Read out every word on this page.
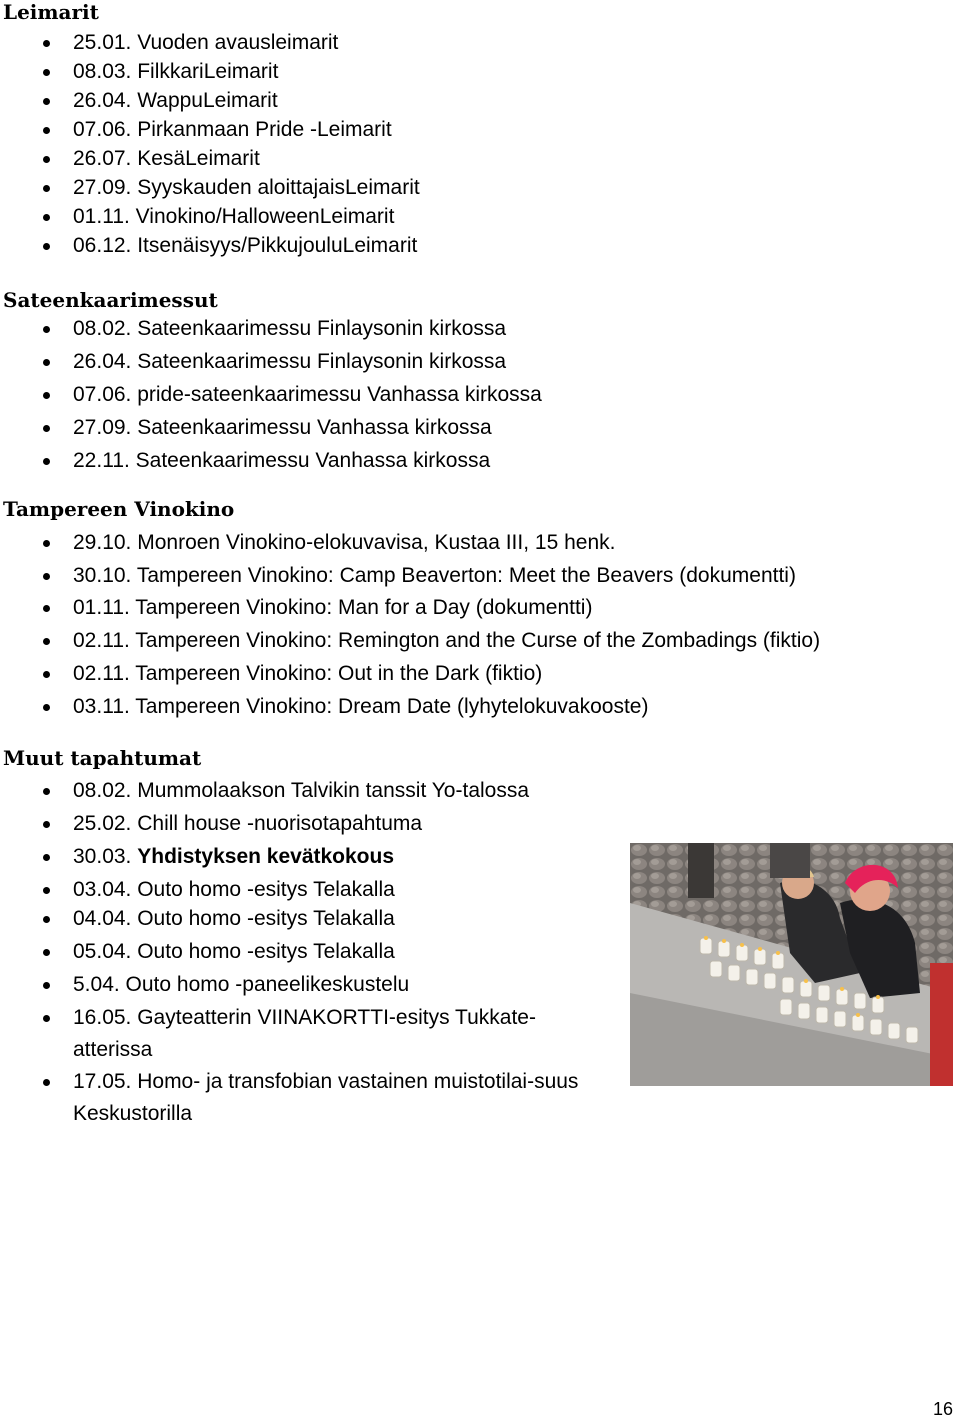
Leimarit
25.01. Vuoden avausleimarit
08.03. FilkkariLeimarit
26.04. WappuLeimarit
07.06. Pirkanmaan Pride -Leimarit
26.07. KesäLeimarit
27.09. Syyskauden aloittajaisLeimarit
01.11. Vinokino/HalloweenLeimarit
06.12. Itsenäisyys/PikkujouluLeimarit
Sateenkaarimessut
08.02. Sateenkaarimessu Finlaysonin kirkossa
26.04. Sateenkaarimessu Finlaysonin kirkossa
07.06. pride-sateenkaarimessu Vanhassa kirkossa
27.09. Sateenkaarimessu Vanhassa kirkossa
22.11. Sateenkaarimessu Vanhassa kirkossa
Tampereen Vinokino
29.10. Monroen Vinokino-elokuvavisa, Kustaa III, 15 henk.
30.10. Tampereen Vinokino: Camp Beaverton: Meet the Beavers (dokumentti)
01.11. Tampereen Vinokino: Man for a Day (dokumentti)
02.11. Tampereen Vinokino: Remington and the Curse of the Zombadings (fiktio)
02.11. Tampereen Vinokino: Out in the Dark (fiktio)
03.11. Tampereen Vinokino: Dream Date (lyhytelokuvakooste)
Muut tapahtumat
08.02. Mummolaakson Talvikin tanssit Yo-talossa
25.02. Chill house -nuorisotapahtuma
30.03. Yhdistyksen kevätkokous
03.04. Outo homo -esitys Telakalla
04.04. Outo homo -esitys Telakalla
05.04. Outo homo -esitys Telakalla
5.04. Outo homo -paneelikeskustelu
16.05. Gayteatterin VIINAKORTTI-esitys Tukkate-atterissa
17.05. Homo- ja transfobian vastainen muistotilai-suus Keskustorilla
16
